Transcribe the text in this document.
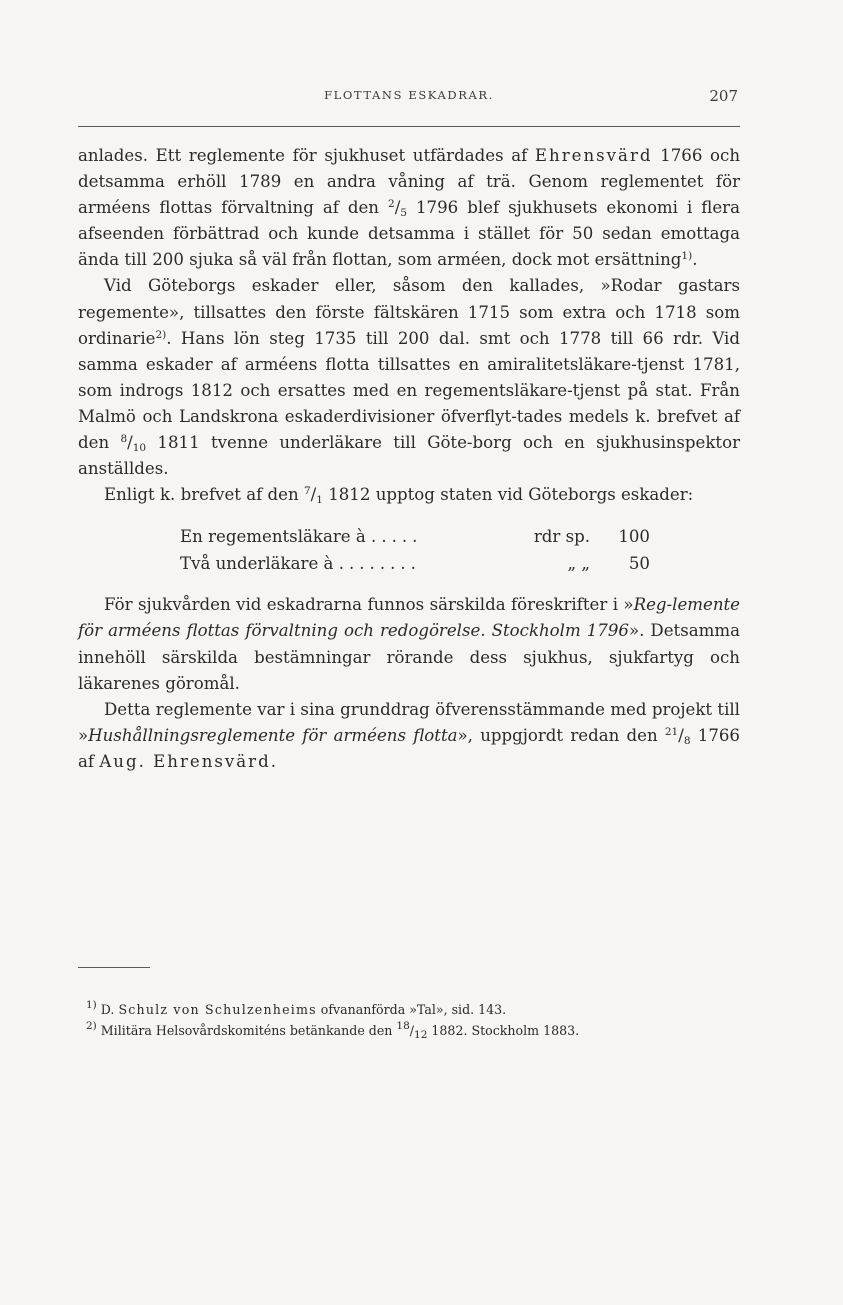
FLOTTANS ESKADRAR.	207

anlades. Ett reglemente för sjukhuset utfärdades af Ehrensvärd 1766 och detsamma erhöll 1789 en andra våning af trä. Genom reglementet för arméens flottas förvaltning af den $^2$/5 1796 blef sjukhusets ekonomi i flera afseenden förbättrad och kunde detsamma i stället för 50 sedan emottaga ända till 200 sjuka så väl från flottan, som arméen, dock mot ersättning$^{1)}$.

Vid Göteborgs eskader eller, såsom den kallades, »Rodar gastars regemente», tillsattes den förste fältskären 1715 som extra och 1718 som ordinarie$^{2)}$. Hans lön steg 1735 till 200 dal. smt och 1778 till 66 rdr. Vid samma eskader af arméens flotta tillsattes en amiralitetsläkare-tjenst 1781, som indrogs 1812 och ersattes med en regementsläkare-tjenst på stat. Från Malmö och Landskrona eskaderdivisioner öfverflyt-tades medels k. brefvet af den $^8$/10 1811 tvenne underläkare till Göte-borg och en sjukhusinspektor anställdes.

Enligt k. brefvet af den $^7$/1 1812 upptog staten vid Göteborgs eskader:

En regementsläkare à .....	rdr sp.	100
Två underläkare à ........	„ „	50

För sjukvården vid eskadrarna funnos särskilda föreskrifter i »Reg-lemente för arméens flottas förvaltning och redogörelse. Stockholm 1796». Detsamma innehöll särskilda bestämningar rörande dess sjukhus, sjukfartyg och läkarenes göromål.

Detta reglemente var i sina grunddrag öfverensstämmande med projekt till »Hushållningsreglemente för arméens flotta», uppgjordt redan den $^{21}$/8 1766 af Aug. Ehrensvärd.

$^{1)}$ D. Schulz von Schulzenheims ofvananförda »Tal», sid. 143.

$^{2)}$ Militära Helsovårdskomiténs betänkande den $^{18}/_{12}$ 1882. Stockholm 1883.
